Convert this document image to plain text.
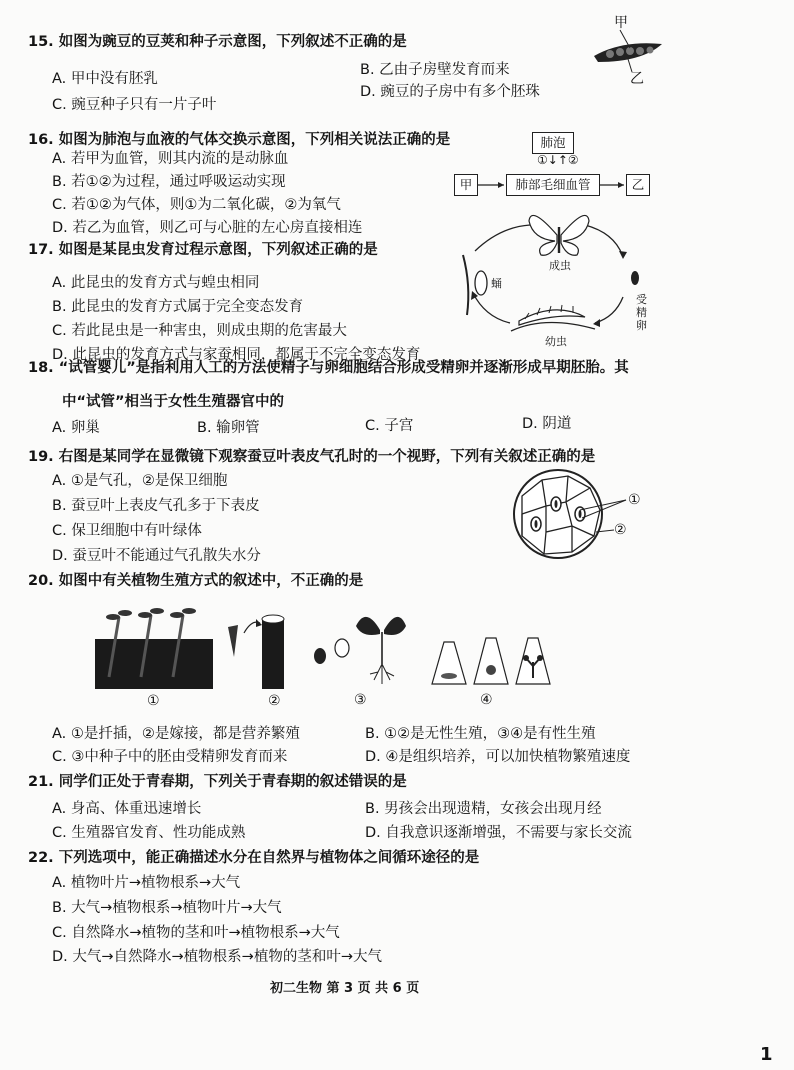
15. 如图为豌豆的豆荚和种子示意图，下列叙述不正确的是
A. 甲中没有胚乳
B. 乙由子房壁发育而来
C. 豌豆种子只有一片子叶
D. 豌豆的子房中有多个胚珠
甲
乙
16. 如图为肺泡与血液的气体交换示意图，下列相关说法正确的是
A. 若甲为血管，则其内流的是动脉血
B. 若①②为过程，通过呼吸运动实现
C. 若①②为气体，则①为二氧化碳，②为氧气
D. 若乙为血管，则乙可与心脏的左心房直接相连
肺泡
①↓↑②
甲	肺部毛细血管	乙
17. 如图是某昆虫发育过程示意图，下列叙述正确的是
A. 此昆虫的发育方式与蝗虫相同
B. 此昆虫的发育方式属于完全变态发育
C. 若此昆虫是一种害虫，则成虫期的危害最大
D. 此昆虫的发育方式与家蚕相同，都属于不完全变态发育
成虫
蛹
受精卵
幼虫
18. “试管婴儿”是指利用人工的方法使精子与卵细胞结合形成受精卵并逐渐形成早期胚胎。其
中“试管”相当于女性生殖器官中的
A. 卵巢	B. 输卵管	C. 子宫	D. 阴道
19. 右图是某同学在显微镜下观察蚕豆叶表皮气孔时的一个视野，下列有关叙述正确的是
A. ①是气孔，②是保卫细胞
B. 蚕豆叶上表皮气孔多于下表皮
C. 保卫细胞中有叶绿体
D. 蚕豆叶不能通过气孔散失水分
①
②
20. 如图中有关植物生殖方式的叙述中，不正确的是
①	②	③	④
A. ①是扦插，②是嫁接，都是营养繁殖	B. ①②是无性生殖，③④是有性生殖
C. ③中种子中的胚由受精卵发育而来	D. ④是组织培养，可以加快植物繁殖速度
21. 同学们正处于青春期，下列关于青春期的叙述错误的是
A. 身高、体重迅速增长	B. 男孩会出现遗精，女孩会出现月经
C. 生殖器官发育、性功能成熟	D. 自我意识逐渐增强，不需要与家长交流
22. 下列选项中，能正确描述水分在自然界与植物体之间循环途径的是
A. 植物叶片→植物根系→大气
B. 大气→植物根系→植物叶片→大气
C. 自然降水→植物的茎和叶→植物根系→大气
D. 大气→自然降水→植物根系→植物的茎和叶→大气
初二生物 第 3 页 共 6 页
1
